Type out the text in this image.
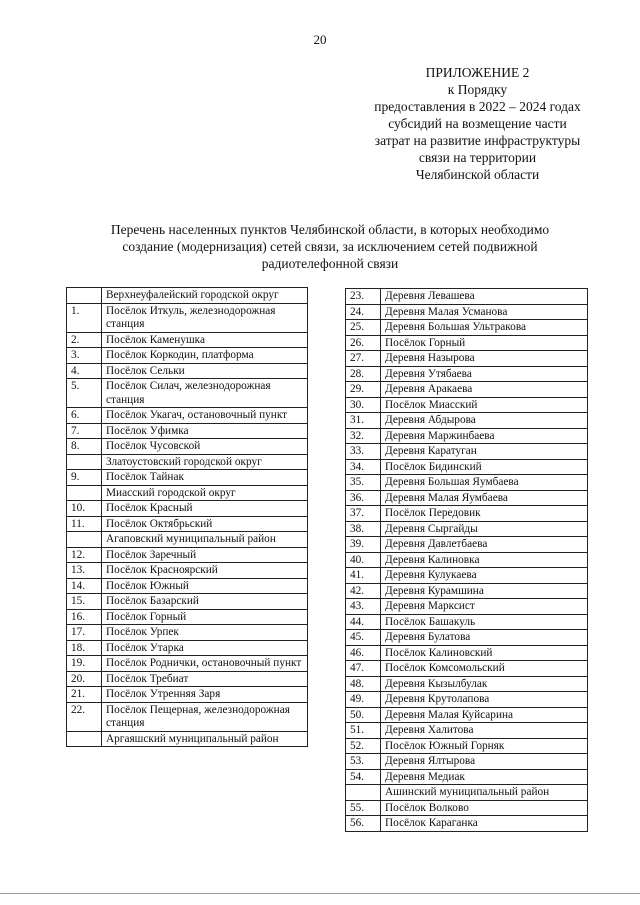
20
ПРИЛОЖЕНИЕ 2
к Порядку
предоставления в 2022 – 2024 годах
субсидий на возмещение части
затрат на развитие инфраструктуры
связи на территории
Челябинской области
Перечень населенных пунктов Челябинской области, в которых необходимо
создание (модернизация) сетей связи, за исключением сетей подвижной
радиотелефонной связи
	Верхнеуфалейский городской округ
1.	Посёлок Иткуль, железнодорожная станция
2.	Посёлок Каменушка
3.	Посёлок Коркодин, платформа
4.	Посёлок Сельки
5.	Посёлок Силач, железнодорожная станция
6.	Посёлок Укагач, остановочный пункт
7.	Посёлок Уфимка
8.	Посёлок Чусовской
	Златоустовский городской округ
9.	Посёлок Тайнак
	Миасский городской округ
10.	Посёлок Красный
11.	Посёлок Октябрьский
	Агаповский муниципальный район
12.	Посёлок Заречный
13.	Посёлок Красноярский
14.	Посёлок Южный
15.	Посёлок Базарский
16.	Посёлок Горный
17.	Посёлок Урпек
18.	Посёлок Утарка
19.	Посёлок Роднички, остановочный пункт
20.	Посёлок Требиат
21.	Посёлок Утренняя Заря
22.	Посёлок Пещерная, железнодорожная станция
	Аргаяшский муниципальный район
23.	Деревня Левашева
24.	Деревня Малая Усманова
25.	Деревня Большая Ультракова
26.	Посёлок Горный
27.	Деревня Назырова
28.	Деревня Утябаева
29.	Деревня Аракаева
30.	Посёлок Миасский
31.	Деревня Абдырова
32.	Деревня Маржинбаева
33.	Деревня Каратуган
34.	Посёлок Бидинский
35.	Деревня Большая Яумбаева
36.	Деревня Малая Яумбаева
37.	Посёлок Передовик
38.	Деревня Сыргайды
39.	Деревня Давлетбаева
40.	Деревня Калиновка
41.	Деревня Кулукаева
42.	Деревня Курамшина
43.	Деревня Марксист
44.	Посёлок Башакуль
45.	Деревня Булатова
46.	Посёлок Калиновский
47.	Посёлок Комсомольский
48.	Деревня Кызылбулак
49.	Деревня Крутолапова
50.	Деревня Малая Куйсарина
51.	Деревня Халитова
52.	Посёлок Южный Горняк
53.	Деревня Ялтырова
54.	Деревня Медиак
	Ашинский муниципальный район
55.	Посёлок Волково
56.	Посёлок Караганка
